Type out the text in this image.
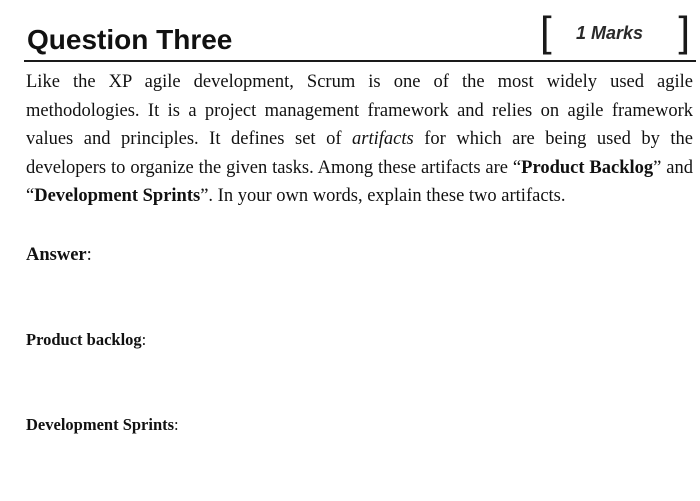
Question Three	[ 1 Marks ]
Like the XP agile development, Scrum is one of the most widely used agile methodologies. It is a project management framework and relies on agile framework values and principles. It defines set of artifacts for which are being used by the developers to organize the given tasks. Among these artifacts are “Product Backlog” and “Development Sprints”. In your own words, explain these two artifacts.
Answer:
Product backlog:
Development Sprints:
